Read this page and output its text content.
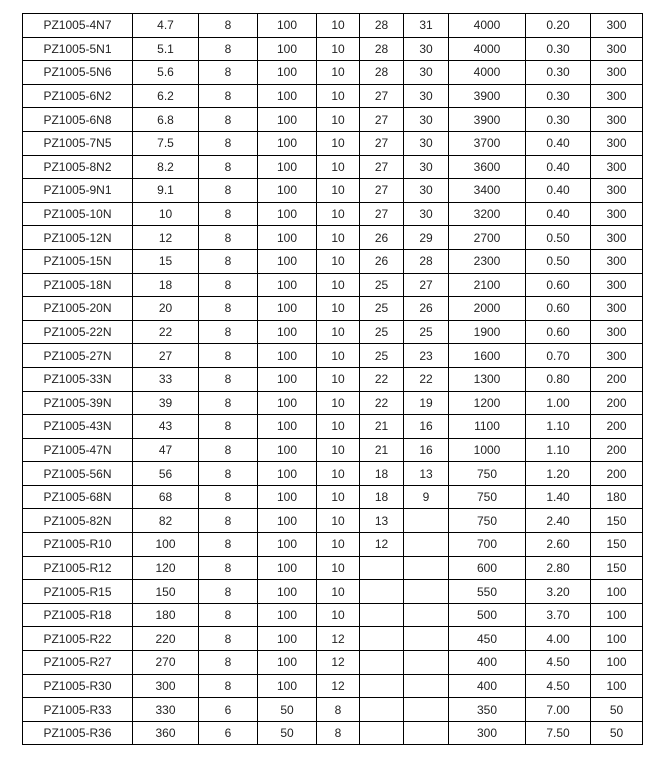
PZ1005-4N7	4.7	8	100	10	28	31	4000	0.20	300
PZ1005-5N1	5.1	8	100	10	28	30	4000	0.30	300
PZ1005-5N6	5.6	8	100	10	28	30	4000	0.30	300
PZ1005-6N2	6.2	8	100	10	27	30	3900	0.30	300
PZ1005-6N8	6.8	8	100	10	27	30	3900	0.30	300
PZ1005-7N5	7.5	8	100	10	27	30	3700	0.40	300
PZ1005-8N2	8.2	8	100	10	27	30	3600	0.40	300
PZ1005-9N1	9.1	8	100	10	27	30	3400	0.40	300
PZ1005-10N	10	8	100	10	27	30	3200	0.40	300
PZ1005-12N	12	8	100	10	26	29	2700	0.50	300
PZ1005-15N	15	8	100	10	26	28	2300	0.50	300
PZ1005-18N	18	8	100	10	25	27	2100	0.60	300
PZ1005-20N	20	8	100	10	25	26	2000	0.60	300
PZ1005-22N	22	8	100	10	25	25	1900	0.60	300
PZ1005-27N	27	8	100	10	25	23	1600	0.70	300
PZ1005-33N	33	8	100	10	22	22	1300	0.80	200
PZ1005-39N	39	8	100	10	22	19	1200	1.00	200
PZ1005-43N	43	8	100	10	21	16	1100	1.10	200
PZ1005-47N	47	8	100	10	21	16	1000	1.10	200
PZ1005-56N	56	8	100	10	18	13	750	1.20	200
PZ1005-68N	68	8	100	10	18	9	750	1.40	180
PZ1005-82N	82	8	100	10	13		750	2.40	150
PZ1005-R10	100	8	100	10	12		700	2.60	150
PZ1005-R12	120	8	100	10			600	2.80	150
PZ1005-R15	150	8	100	10			550	3.20	100
PZ1005-R18	180	8	100	10			500	3.70	100
PZ1005-R22	220	8	100	12			450	4.00	100
PZ1005-R27	270	8	100	12			400	4.50	100
PZ1005-R30	300	8	100	12			400	4.50	100
PZ1005-R33	330	6	50	8			350	7.00	50
PZ1005-R36	360	6	50	8			300	7.50	50
